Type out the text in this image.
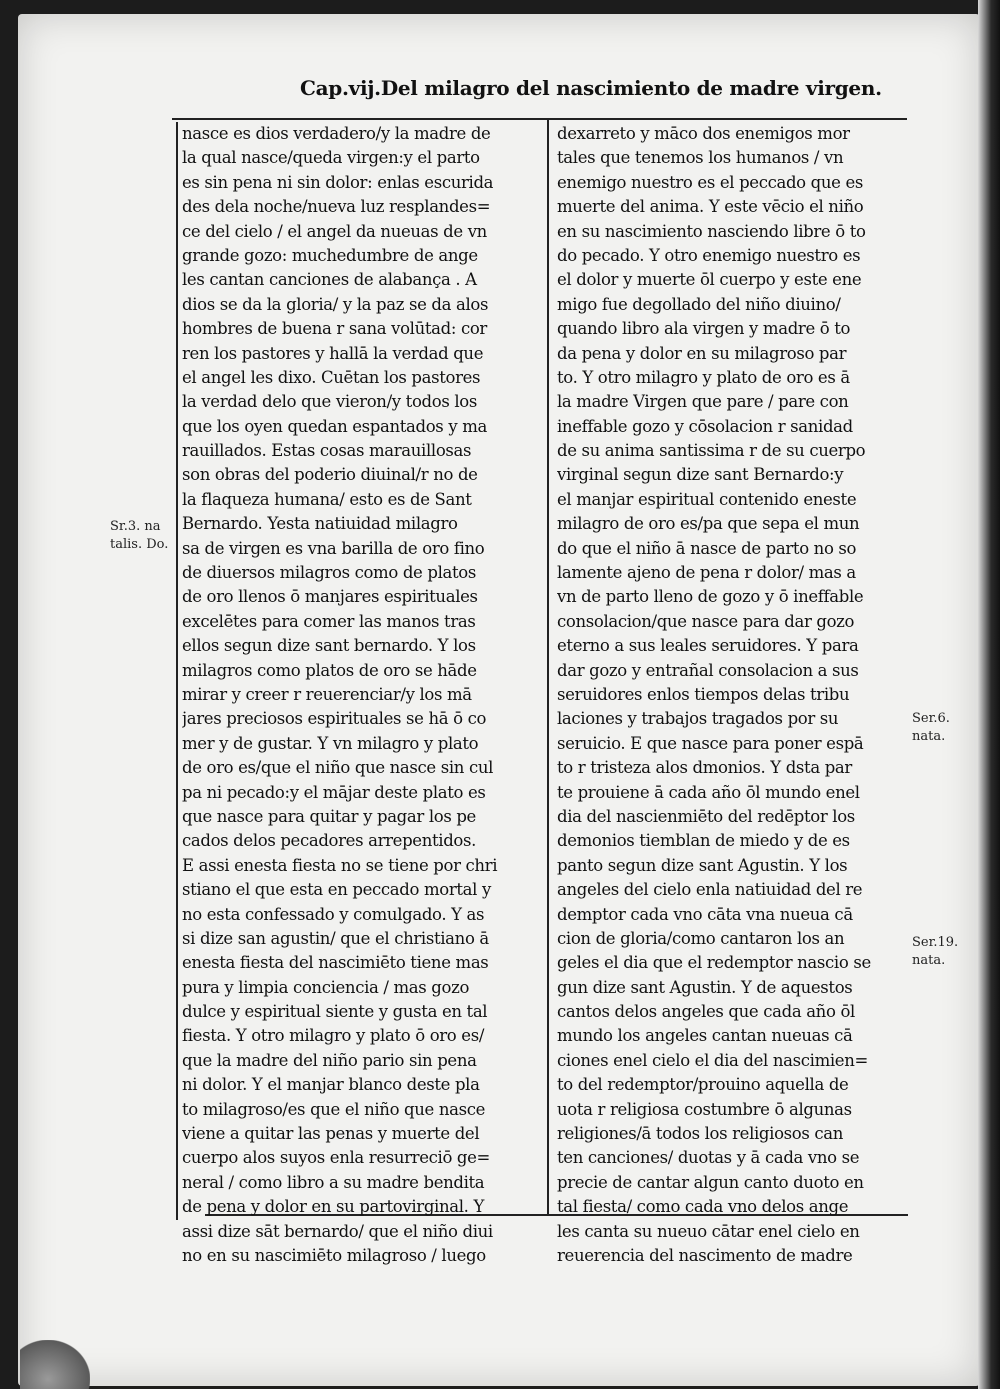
Cap.vij.Del milagro del nascimiento de madre virgen.
nasce es dios verdadero/y la madre de
la qual nasce/queda virgen:y el parto
es sin pena ni sin dolor: enlas escurida
des dela noche/nueva luz resplandes=
ce del cielo / el angel da nueuas de vn
grande gozo: muchedumbre de ange
les cantan canciones de alabança . A
dios se da la gloria/ y la paz se da alos
hombres de buena r sana volūtad: cor
ren los pastores y hallā la verdad que
el angel les dixo. Cuētan los pastores
la verdad delo que vieron/y todos los
que los oyen quedan espantados y ma
rauillados. Estas cosas marauillosas
son obras del poderio diuinal/r no de
la flaqueza humana/ esto es de Sant
Bernardo. Yesta natiuidad milagro
sa de virgen es vna barilla de oro fino
de diuersos milagros como de platos
de oro llenos ō manjares espirituales
excelētes para comer las manos tras
ellos segun dize sant bernardo. Y los
milagros como platos de oro se hāde
mirar y creer r reuerenciar/y los mā
jares preciosos espirituales se hā ō co
mer y de gustar. Y vn milagro y plato
de oro es/que el niño que nasce sin cul
pa ni pecado:y el mājar deste plato es
que nasce para quitar y pagar los pe
cados delos pecadores arrepentidos.
E assi enesta fiesta no se tiene por chri
stiano el que esta en peccado mortal y
no esta confessado y comulgado. Y as
si dize san agustin/ que el christiano ā
enesta fiesta del nascimiēto tiene mas
pura y limpia conciencia / mas gozo
dulce y espiritual siente y gusta en tal
fiesta. Y otro milagro y plato ō oro es/
que la madre del niño pario sin pena
ni dolor. Y el manjar blanco deste pla
to milagroso/es que el niño que nasce
viene a quitar las penas y muerte del
cuerpo alos suyos enla resurreciō ge=
neral / como libro a su madre bendita
de pena y dolor en su partovirginal. Y
assi dize sāt bernardo/ que el niño diui
no en su nascimiēto milagroso / luego
dexarreto y māco dos enemigos mor
tales que tenemos los humanos / vn
enemigo nuestro es el peccado que es
muerte del anima. Y este vēcio el niño
en su nascimiento nasciendo libre ō to
do pecado. Y otro enemigo nuestro es
el dolor y muerte ōl cuerpo y este ene
migo fue degollado del niño diuino/
quando libro ala virgen y madre ō to
da pena y dolor en su milagroso par
to. Y otro milagro y plato de oro es ā
la madre Virgen que pare / pare con
ineffable gozo y cōsolacion r sanidad
de su anima santissima r de su cuerpo
virginal segun dize sant Bernardo:y
el manjar espiritual contenido eneste
milagro de oro es/pa que sepa el mun
do que el niño ā nasce de parto no so
lamente ajeno de pena r dolor/ mas a
vn de parto lleno de gozo y ō ineffable
consolacion/que nasce para dar gozo
eterno a sus leales seruidores. Y para
dar gozo y entrañal consolacion a sus
seruidores enlos tiempos delas tribu
laciones y trabajos tragados por su
seruicio. E que nasce para poner espā
to r tristeza alos dmonios. Y dsta par
te prouiene ā cada año ōl mundo enel
dia del nascienmiēto del redēptor los
demonios tiemblan de miedo y de es
panto segun dize sant Agustin. Y los
angeles del cielo enla natiuidad del re
demptor cada vno cāta vna nueua cā
cion de gloria/como cantaron los an
geles el dia que el redemptor nascio se
gun dize sant Agustin. Y de aquestos
cantos delos angeles que cada año ōl
mundo los angeles cantan nueuas cā
ciones enel cielo el dia del nascimien=
to del redemptor/prouino aquella de
uota r religiosa costumbre ō algunas
religiones/ā todos los religiosos can
ten canciones/ duotas y ā cada vno se
precie de cantar algun canto duoto en
tal fiesta/ como cada vno delos ange
les canta su nueuo cātar enel cielo en
reuerencia del nascimento de madre
Sr.3. na
talis. Do.
Ser.6.
nata.
Ser.19.
nata.
